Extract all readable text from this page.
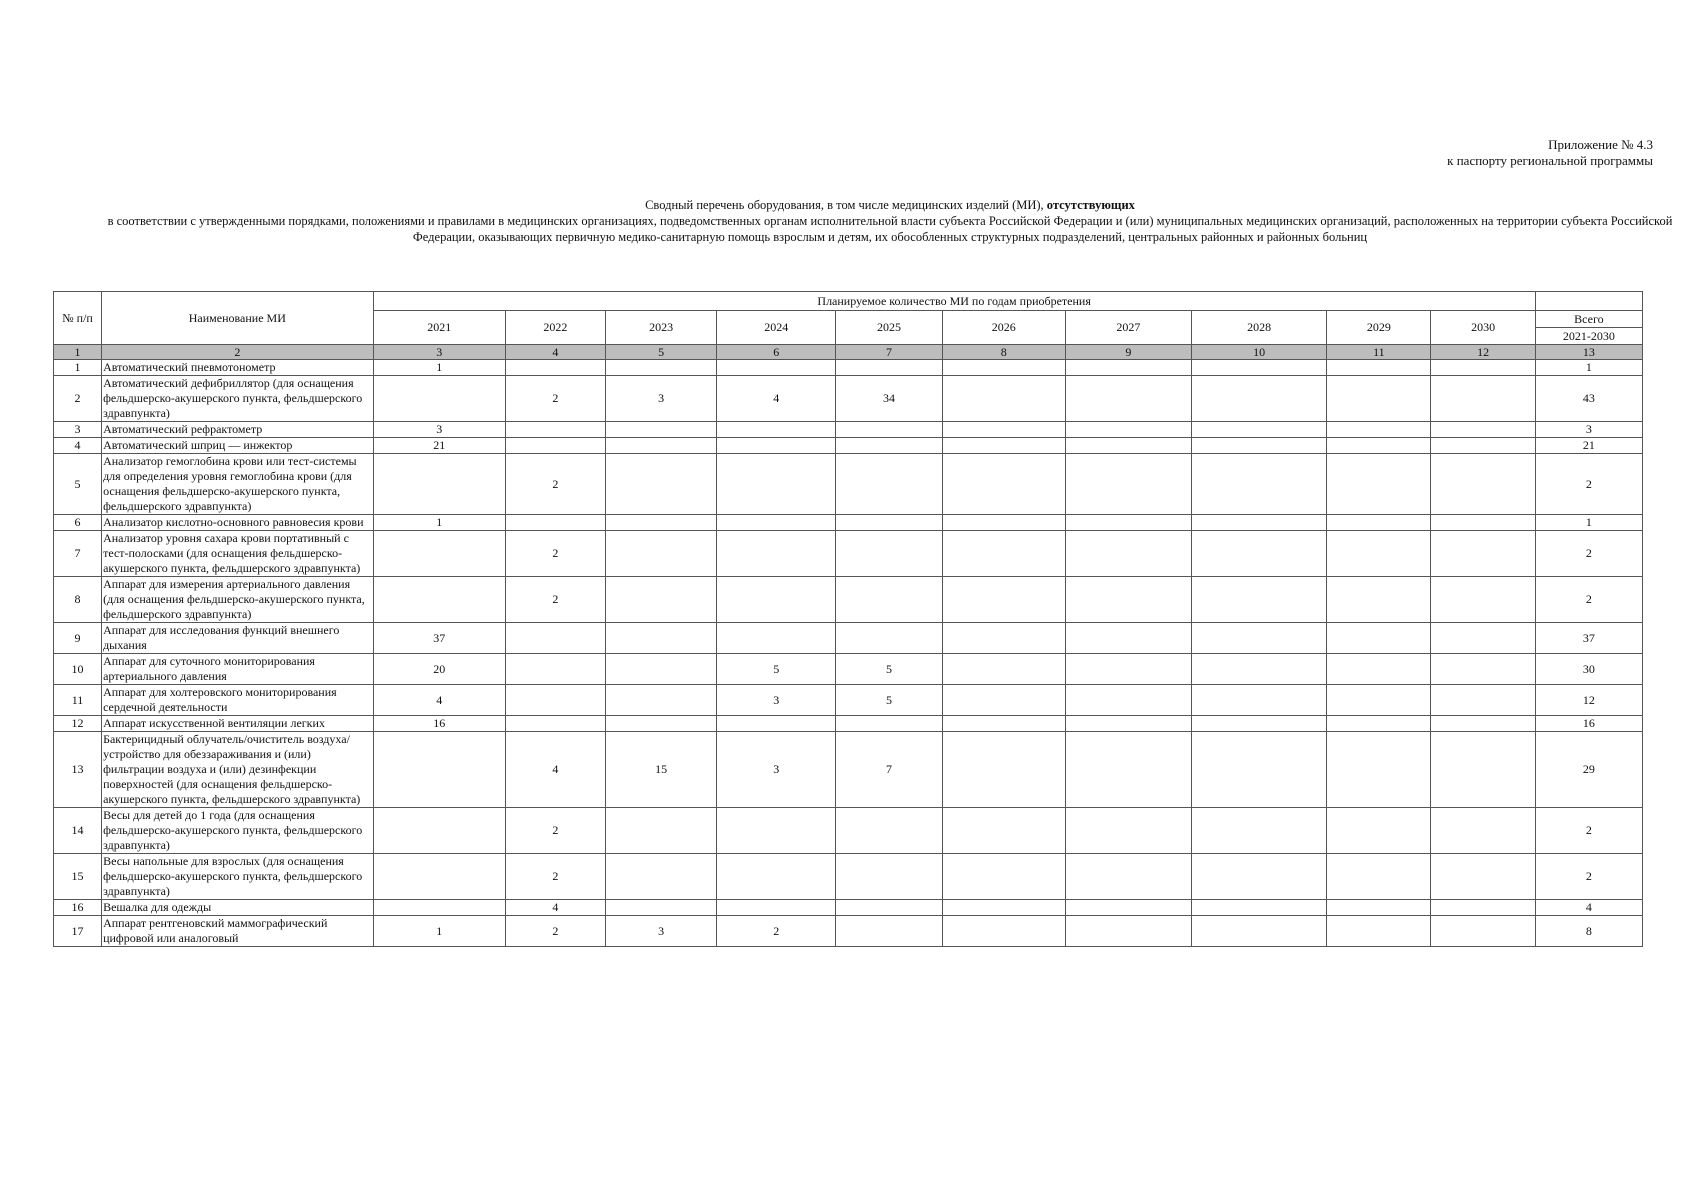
Приложение № 4.3
к паспорту региональной программы
Сводный перечень оборудования, в том числе медицинских изделий (МИ), отсутствующих
в соответствии с утвержденными порядками, положениями и правилами в медицинских организациях, подведомственных органам исполнительной власти субъекта Российской Федерации и (или) муниципальных медицинских организаций, расположенных на территории субъекта Российской Федерации, оказывающих первичную медико-санитарную помощь взрослым и детям, их обособленных структурных подразделений, центральных районных и районных больниц
№ п/п	Наименование МИ	Планируемое количество МИ по годам приобретения										
		2021	2022	2023	2024	2025	2026	2027	2028	2029	2030	Всего
												2021-2030
1	2	3	4	5	6	7	8	9	10	11	12	13
1	Автоматический пневмотонометр	1										1
2	Автоматический дефибриллятор (для оснащения фельдшерско-акушерского пункта, фельдшерского здравпункта)		2	3	4	34						43
3	Автоматический рефрактометр	3										3
4	Автоматический шприц — инжектор	21										21
5	Анализатор гемоглобина крови или тест-системы для определения уровня гемоглобина крови (для оснащения фельдшерско-акушерского пункта, фельдшерского здравпункта)		2									2
6	Анализатор кислотно-основного равновесия крови	1										1
7	Анализатор уровня сахара крови портативный с тест-полосками (для оснащения фельдшерско-акушерского пункта, фельдшерского здравпункта)		2									2
8	Аппарат для измерения артериального давления (для оснащения фельдшерско-акушерского пункта, фельдшерского здравпункта)		2									2
9	Аппарат для исследования функций внешнего дыхания	37										37
10	Аппарат для суточного мониторирования артериального давления	20			5	5						30
11	Аппарат для холтеровского мониторирования сердечной деятельности	4			3	5						12
12	Аппарат искусственной вентиляции легких	16										16
13	Бактерицидный облучатель/очиститель воздуха/устройство для обеззараживания и (или) фильтрации воздуха и (или) дезинфекции поверхностей (для оснащения фельдшерско-акушерского пункта, фельдшерского здравпункта)		4	15	3	7						29
14	Весы для детей до 1 года (для оснащения фельдшерско-акушерского пункта, фельдшерского здравпункта)		2									2
15	Весы напольные для взрослых (для оснащения фельдшерско-акушерского пункта, фельдшерского здравпункта)		2									2
16	Вешалка для одежды		4									4
17	Аппарат рентгеновский маммографический цифровой или аналоговый	1	2	3	2							8
